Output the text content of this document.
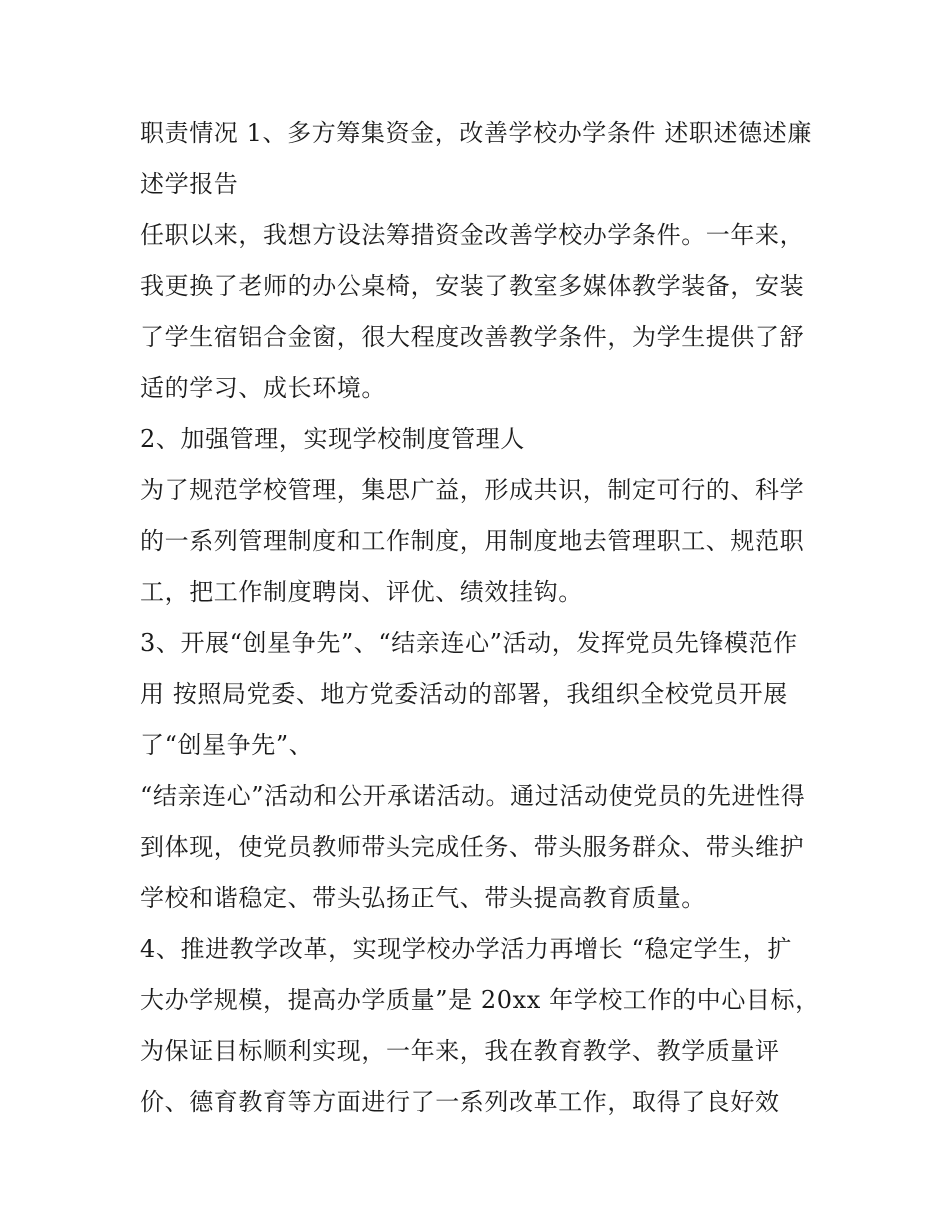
职责情况 1、多方筹集资金，改善学校办学条件 述职述德述廉
述学报告
任职以来，我想方设法筹措资金改善学校办学条件。一年来，
我更换了老师的办公桌椅，安装了教室多媒体教学装备，安装
了学生宿铝合金窗，很大程度改善教学条件，为学生提供了舒
适的学习、成长环境。
2、加强管理，实现学校制度管理人
为了规范学校管理，集思广益，形成共识，制定可行的、科学
的一系列管理制度和工作制度，用制度地去管理职工、规范职
工，把工作制度聘岗、评优、绩效挂钩。
3、开展“创星争先”、“结亲连心”活动，发挥党员先锋模范作
用 按照局党委、地方党委活动的部署，我组织全校党员开展
了“创星争先”、
“结亲连心”活动和公开承诺活动。通过活动使党员的先进性得
到体现，使党员教师带头完成任务、带头服务群众、带头维护
学校和谐稳定、带头弘扬正气、带头提高教育质量。
4、推进教学改革，实现学校办学活力再增长 “稳定学生，扩
大办学规模，提高办学质量”是 20xx 年学校工作的中心目标，
为保证目标顺利实现，一年来，我在教育教学、教学质量评
价、德育教育等方面进行了一系列改革工作，取得了良好效
